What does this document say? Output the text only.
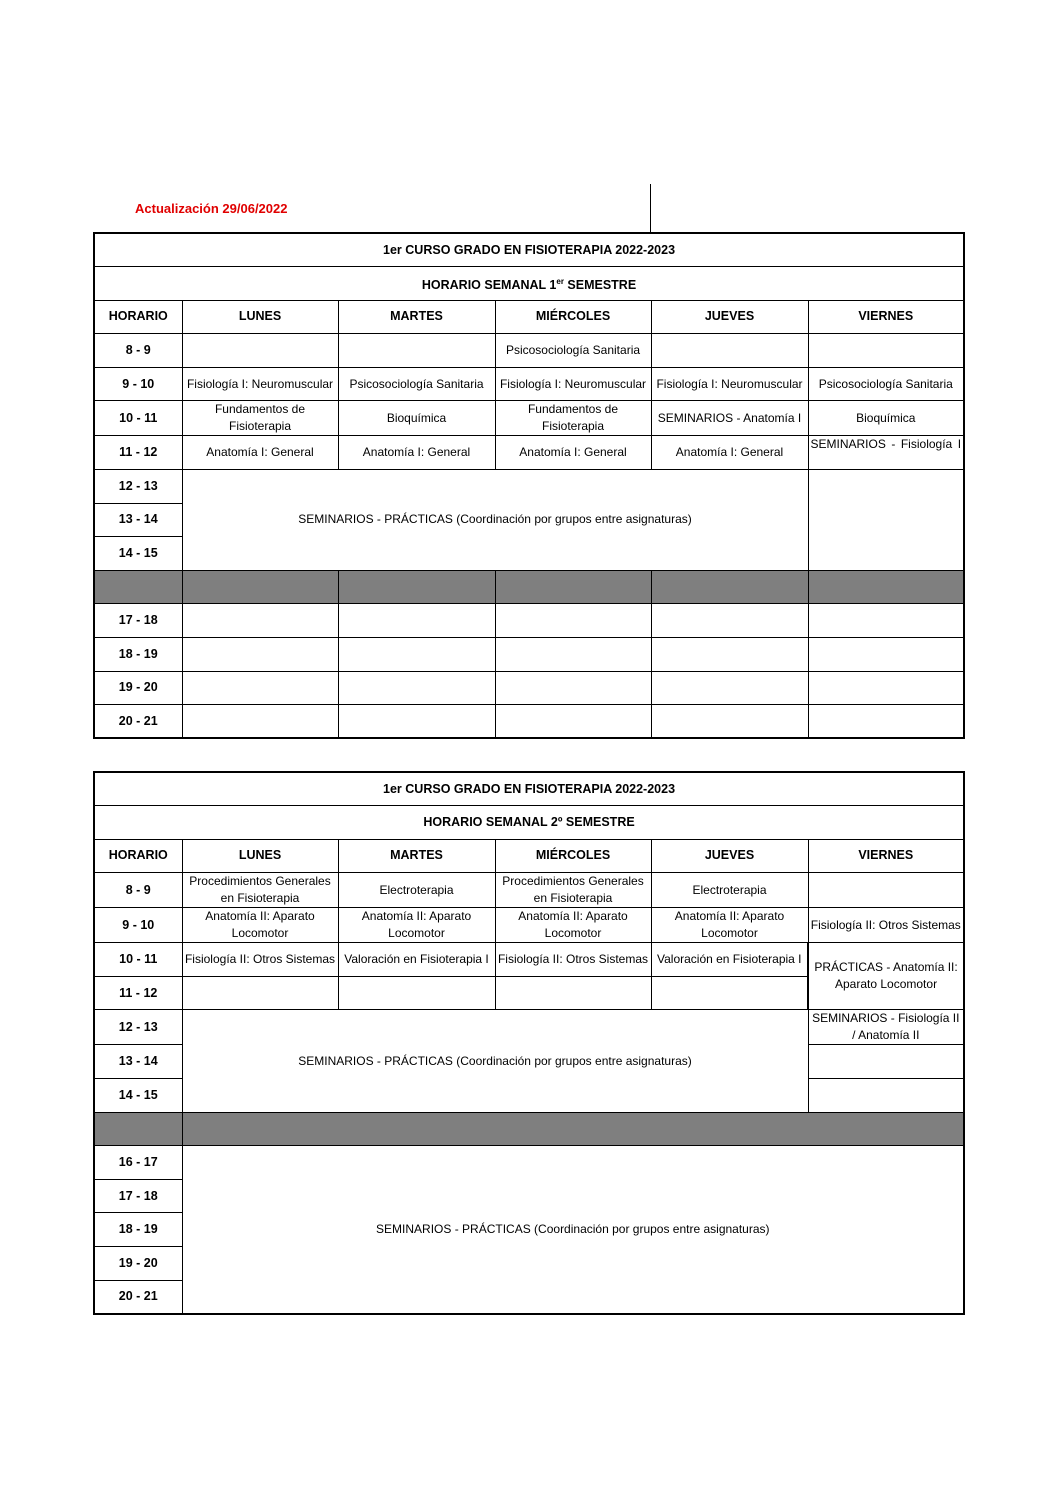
Actualización 29/06/2022
1er CURSO GRADO EN FISIOTERAPIA 2022-2023					
HORARIO SEMANAL 1er SEMESTRE					
HORARIO	LUNES	MARTES	MIÉRCOLES	JUEVES	VIERNES
8 - 9			Psicosociología Sanitaria		
9 - 10	Fisiología I: Neuromuscular	Psicosociología Sanitaria	Fisiología I: Neuromuscular	Fisiología I: Neuromuscular	Psicosociología Sanitaria
10 - 11	Fundamentos de Fisioterapia	Bioquímica	Fundamentos de Fisioterapia	SEMINARIOS - Anatomía I	Bioquímica
11 - 12	Anatomía I: General	Anatomía I: General	Anatomía I: General	Anatomía I: General	SEMINARIOS - Fisiología I
12 - 13	SEMINARIOS - PRÁCTICAS (Coordinación por grupos entre asignaturas)				
13 - 14					
14 - 15					

17 - 18					
18 - 19					
19 - 20					
20 - 21					
1er CURSO GRADO EN FISIOTERAPIA 2022-2023					
HORARIO SEMANAL 2º SEMESTRE					
HORARIO	LUNES	MARTES	MIÉRCOLES	JUEVES	VIERNES
8 - 9	Procedimientos Generales en Fisioterapia	Electroterapia	Procedimientos Generales en Fisioterapia	Electroterapia	
9 - 10	Anatomía II: Aparato Locomotor	Anatomía II: Aparato Locomotor	Anatomía II: Aparato Locomotor	Anatomía II: Aparato Locomotor	Fisiología II: Otros Sistemas
10 - 11	Fisiología II: Otros Sistemas	Valoración en Fisioterapia I	Fisiología II: Otros Sistemas	Valoración en Fisioterapia I	PRÁCTICAS - Anatomía II: Aparato Locomotor
11 - 12					
12 - 13	SEMINARIOS - PRÁCTICAS (Coordinación por grupos entre asignaturas)				SEMINARIOS - Fisiología II / Anatomía II
13 - 14					
14 - 15					

16 - 17	SEMINARIOS - PRÁCTICAS (Coordinación por grupos entre asignaturas)				
17 - 18					
18 - 19					
19 - 20					
20 - 21					
